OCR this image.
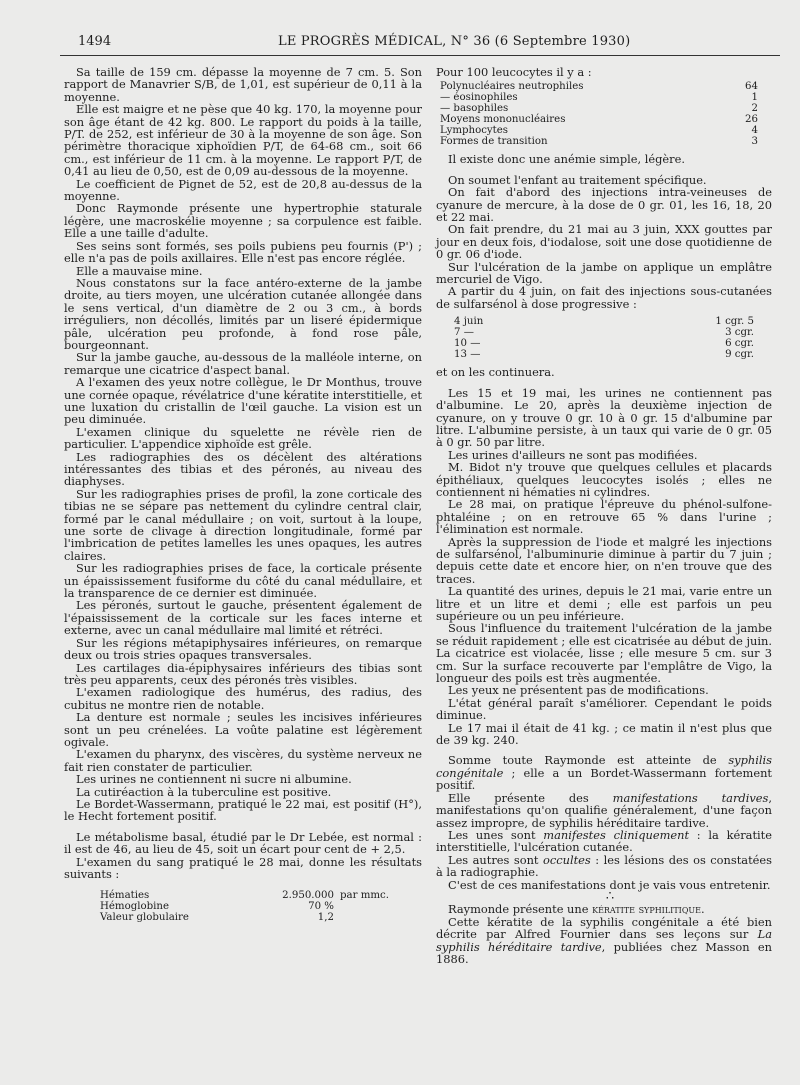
1494	LE PROGRÈS MÉDICAL, N° 36 (6 Septembre 1930)

Sa taille de 159 cm. dépasse la moyenne de 7 cm. 5. Son rapport de Manavrier S/B, de 1,01, est supérieur de 0,11 à la moyenne.

Elle est maigre et ne pèse que 40 kg. 170, la moyenne pour son âge étant de 42 kg. 800. Le rapport du poids à la taille, P/T. de 252, est inférieur de 30 à la moyenne de son âge. Son périmètre thoracique xiphoïdien P/T, de 64-68 cm., soit 66 cm., est inférieur de 11 cm. à la moyenne. Le rapport P/T, de 0,41 au lieu de 0,50, est de 0,09 au-dessous de la moyenne.

Le coefficient de Pignet de 52, est de 20,8 au-dessus de la moyenne.

Donc Raymonde présente une hypertrophie staturale légère, une macroskélie moyenne ; sa corpulence est faible. Elle a une taille d'adulte.

Ses seins sont formés, ses poils pubiens peu fournis (P') ; elle n'a pas de poils axillaires. Elle n'est pas encore réglée.

Elle a mauvaise mine.

Nous constatons sur la face antéro-externe de la jambe droite, au tiers moyen, une ulcération cutanée allongée dans le sens vertical, d'un diamètre de 2 ou 3 cm., à bords irréguliers, non décollés, limités par un liseré épidermique pâle, ulcération peu profonde, à fond rose pâle, bourgeonnant.

Sur la jambe gauche, au-dessous de la malléole interne, on remarque une cicatrice d'aspect banal.

A l'examen des yeux notre collègue, le Dr Monthus, trouve une cornée opaque, révélatrice d'une kératite interstitielle, et une luxation du cristallin de l'œil gauche. La vision est un peu diminuée.

L'examen clinique du squelette ne révèle rien de particulier. L'appendice xiphoïde est grêle.

Les radiographies des os décèlent des altérations intéressantes des tibias et des péronés, au niveau des diaphyses.

Sur les radiographies prises de profil, la zone corticale des tibias ne se sépare pas nettement du cylindre central clair, formé par le canal médullaire ; on voit, surtout à la loupe, une sorte de clivage à direction longitudinale, formé par l'imbrication de petites lamelles les unes opaques, les autres claires.

Sur les radiographies prises de face, la corticale présente un épaississement fusiforme du côté du canal médullaire, et la transparence de ce dernier est diminuée.

Les péronés, surtout le gauche, présentent également de l'épaississement de la corticale sur les faces interne et externe, avec un canal médullaire mal limité et rétréci.

Sur les régions métapiphysaires inférieures, on remarque deux ou trois stries opaques transversales.

Les cartilages dia-épiphysaires inférieurs des tibias sont très peu apparents, ceux des péronés très visibles.

L'examen radiologique des humérus, des radius, des cubitus ne montre rien de notable.

La denture est normale ; seules les incisives inférieures sont un peu crénelées. La voûte palatine est légèrement ogivale.

L'examen du pharynx, des viscères, du système nerveux ne fait rien constater de particulier.

Les urines ne contiennent ni sucre ni albumine.

La cutiréaction à la tuberculine est positive.

Le Bordet-Wassermann, pratiqué le 22 mai, est positif (H°), le Hecht fortement positif.

Le métabolisme basal, étudié par le Dr Lebée, est normal : il est de 46, au lieu de 45, soit un écart pour cent de + 2,5.

L'examen du sang pratiqué le 28 mai, donne les résultats suivants :

Hématies	2.950.000	par mmc.
Hémoglobine	70 %	
Valeur globulaire	1,2	

Pour 100 leucocytes il y a :

Polynucléaires neutrophiles	64
— éosinophiles	1
— basophiles	2
Moyens mononucléaires	26
Lymphocytes	4
Formes de transition	3

Il existe donc une anémie simple, légère.

On soumet l'enfant au traitement spécifique.

On fait d'abord des injections intra-veineuses de cyanure de mercure, à la dose de 0 gr. 01, les 16, 18, 20 et 22 mai.

On fait prendre, du 21 mai au 3 juin, XXX gouttes par jour en deux fois, d'iodalose, soit une dose quotidienne de 0 gr. 06 d'iode.

Sur l'ulcération de la jambe on applique un emplâtre mercuriel de Vigo.

A partir du 4 juin, on fait des injections sous-cutanées de sulfarsénol à dose progressive :

4 juin	1 cgr. 5
7 —	3 cgr.
10 —	6 cgr.
13 —	9 cgr.

et on les continuera.

Les 15 et 19 mai, les urines ne contiennent pas d'albumine. Le 20, après la deuxième injection de cyanure, on y trouve 0 gr. 10 à 0 gr. 15 d'albumine par litre. L'albumine persiste, à un taux qui varie de 0 gr. 05 à 0 gr. 50 par litre.

Les urines d'ailleurs ne sont pas modifiées.

M. Bidot n'y trouve que quelques cellules et placards épithéliaux, quelques leucocytes isolés ; elles ne contiennent ni hématies ni cylindres.

Le 28 mai, on pratique l'épreuve du phénol-sulfone-phtaléine ; on en retrouve 65 % dans l'urine ; l'élimination est normale.

Après la suppression de l'iode et malgré les injections de sulfarsénol, l'albuminurie diminue à partir du 7 juin ; depuis cette date et encore hier, on n'en trouve que des traces.

La quantité des urines, depuis le 21 mai, varie entre un litre et un litre et demi ; elle est parfois un peu supérieure ou un peu inférieure.

Sous l'influence du traitement l'ulcération de la jambe se réduit rapidement ; elle est cicatrisée au début de juin. La cicatrice est violacée, lisse ; elle mesure 5 cm. sur 3 cm. Sur la surface recouverte par l'emplâtre de Vigo, la longueur des poils est très augmentée.

Les yeux ne présentent pas de modifications.

L'état général paraît s'améliorer. Cependant le poids diminue.

Le 17 mai il était de 41 kg. ; ce matin il n'est plus que de 39 kg. 240.

Somme toute Raymonde est atteinte de syphilis congénitale ; elle a un Bordet-Wassermann fortement positif.

Elle présente des manifestations tardives, manifestations qu'on qualifie généralement, d'une façon assez impropre, de syphilis héréditaire tardive.

Les unes sont manifestes cliniquement : la kératite interstitielle, l'ulcération cutanée.

Les autres sont occultes : les lésions des os constatées à la radiographie.

C'est de ces manifestations dont je vais vous entretenir.

∴

Raymonde présente une kératite syphilitique.

Cette kératite de la syphilis congénitale a été bien décrite par Alfred Fournier dans ses leçons sur La syphilis héréditaire tardive, publiées chez Masson en 1886.
